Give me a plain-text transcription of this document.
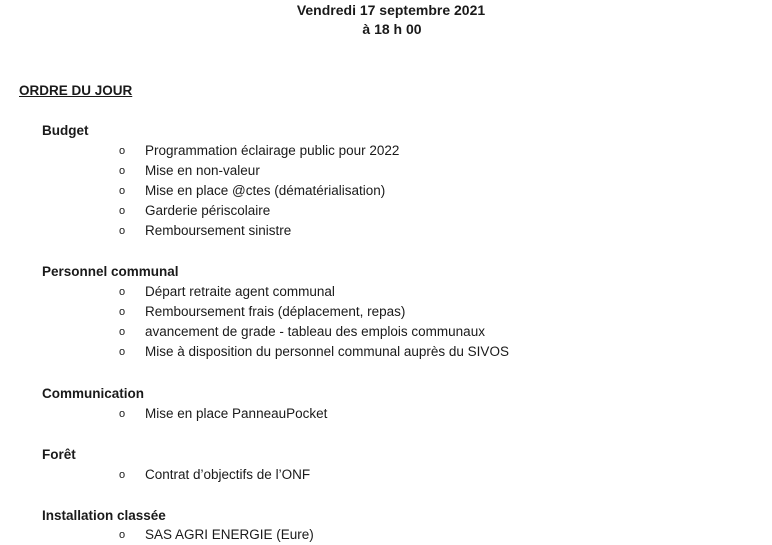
Vendredi 17 septembre 2021
à 18 h 00
ORDRE DU JOUR
Budget
o Programmation éclairage public pour 2022
o Mise en non-valeur
o Mise en place @ctes (dématérialisation)
o Garderie périscolaire
o Remboursement sinistre
Personnel communal
o Départ retraite agent communal
o Remboursement frais (déplacement, repas)
o avancement de grade - tableau des emplois communaux
o Mise à disposition du personnel communal auprès du SIVOS
Communication
o Mise en place PanneauPocket
Forêt
o Contrat d’objectifs de l’ONF
Installation classée
o SAS AGRI ENERGIE (Eure)
